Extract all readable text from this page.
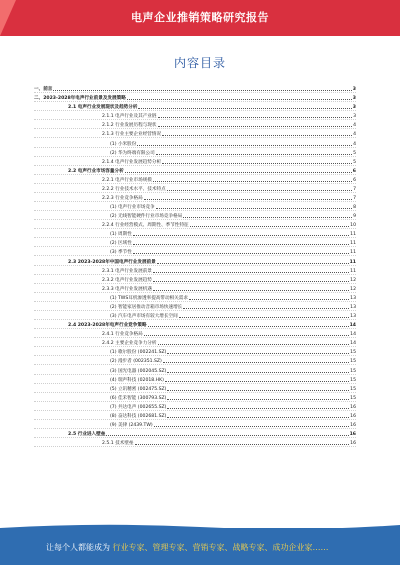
电声企业推销策略研究报告
内容目录
一、前言	3
二、2023-2028年电声行业前景及发展策略	3
2.1 电声行业发展现状及趋势分析	3
2.1.1 电声行业及其产业链	3
2.1.2 行业发展历程与现状	4
2.1.3 行业主要企业经营情况	4
(1) 小米股份	4
(2) 华为终端有限公司	5
2.1.4 电声行业发展趋势分析	5
2.2 电声行业市场容量分析	6
2.2.1 电声行业市场规模	6
2.2.2 行业技术水平、技术特点	7
2.2.3 行业竞争格局	7
(1) 电声行业市场竞争	8
(2) 无线智能硬件行业市场竞争格局	9
2.2.4 行业经营模式、周期性、季节性特征	10
(1) 周期性	11
(2) 区域性	11
(3) 季节性	11
2.3 2023-2028年中国电声行业发展前景	11
2.3.1 电声行业发展前景	11
2.3.2 电声行业发展趋势	12
2.3.3 电声行业发展机遇	12
(1) TWS耳机渗透率提高带动相关需求	13
(2) 智能家居推动音箱市场快速增长	13
(3) 汽车电声市场有较大增长空间	13
2.4 2023-2028年电声行业竞争策略	14
2.4.1 行业竞争格局	14
2.4.2 主要企业竞争力分析	14
(1) 歌尔股份 (002241.SZ)	15
(2) 漫步者 (002351.SZ)	15
(3) 国光电器 (002045.SZ)	15
(4) 瑞声科技 (02018.HK)	15
(5) 立讯精密 (002475.SZ)	15
(6) 佳禾智能 (300793.SZ)	15
(7) 共达电声 (002655.SZ)	16
(8) 奋达科技 (002681.SZ)	16
(9) 美律 (2439.TW)	16
2.5 行业进入壁垒	16
2.5.1 技术壁垒	16
让每个人都能成为 行业专家、管理专家、营销专家、战略专家、成功企业家……
